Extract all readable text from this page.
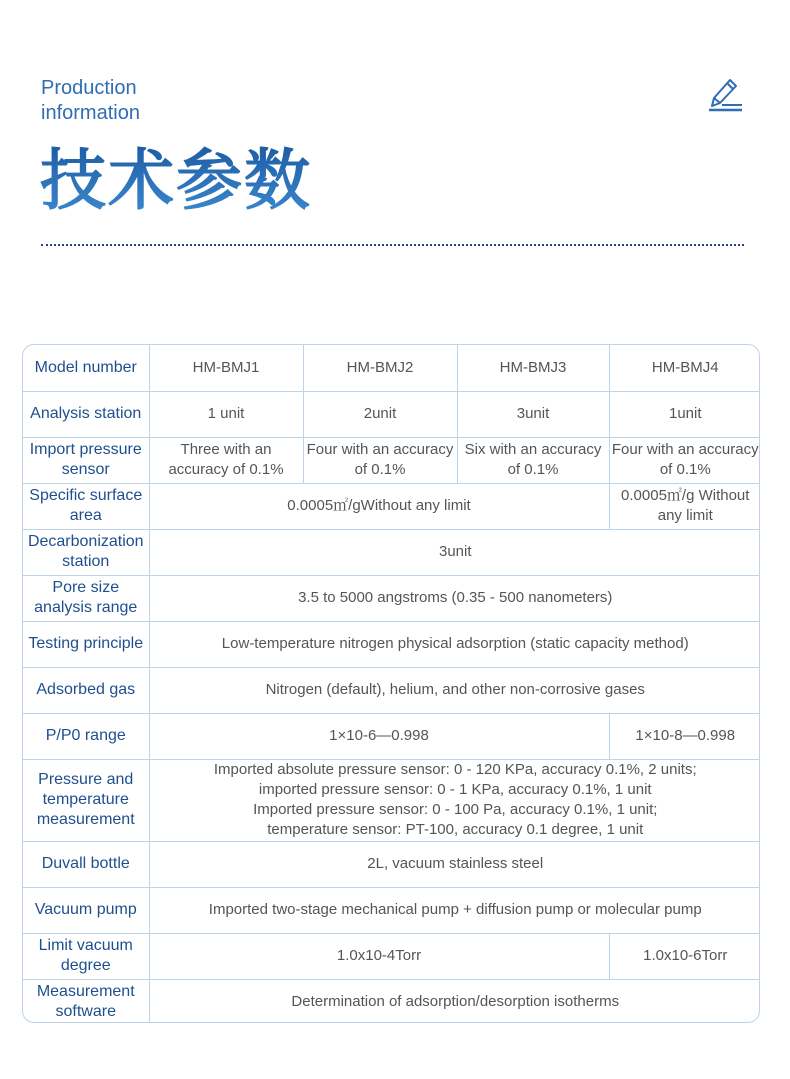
Production
information
技术参数
Model number	HM-BMJ1	HM-BMJ2	HM-BMJ3	HM-BMJ4
Analysis station	1 unit	2unit	3unit	1unit
Import pressure sensor	Three with an accuracy of 0.1%	Four with an accuracy of 0.1%	Six with an accuracy of 0.1%	Four with an accuracy of 0.1%
Specific surface area	0.0005㎡/gWithout any limit			0.0005㎡/g Without any limit
Decarbonization station	3unit			
Pore size analysis range	3.5 to 5000 angstroms (0.35 - 500 nanometers)			
Testing principle	Low-temperature nitrogen physical adsorption (static capacity method)			
Adsorbed gas	Nitrogen (default), helium, and other non-corrosive gases			
P/P0 range	1×10-6—0.998			1×10-8—0.998
Pressure and temperature measurement	Imported absolute pressure sensor: 0 - 120 KPa, accuracy 0.1%, 2 units;
imported pressure sensor: 0 - 1 KPa, accuracy 0.1%, 1 unit
Imported pressure sensor: 0 - 100 Pa, accuracy 0.1%, 1 unit;
temperature sensor: PT-100, accuracy 0.1 degree, 1 unit			

Duvall bottle	2L, vacuum stainless steel			
Vacuum pump	Imported two-stage mechanical pump + diffusion pump or molecular pump			
Limit vacuum degree	1.0x10-4Torr			1.0x10-6Torr
Measurement software	Determination of adsorption/desorption isotherms			
